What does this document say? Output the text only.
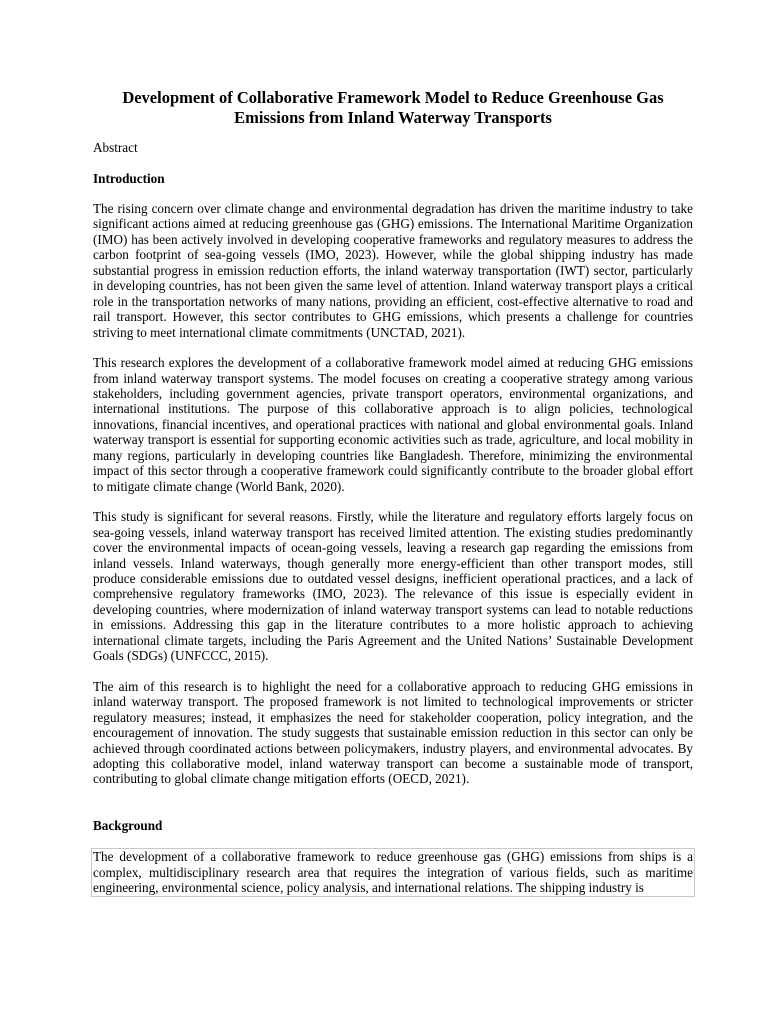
Development of Collaborative Framework Model to Reduce Greenhouse Gas Emissions from Inland Waterway Transports
Abstract
Introduction

The rising concern over climate change and environmental degradation has driven the maritime industry to take significant actions aimed at reducing greenhouse gas (GHG) emissions. The International Maritime Organization (IMO) has been actively involved in developing cooperative frameworks and regulatory measures to address the carbon footprint of sea-going vessels (IMO, 2023). However, while the global shipping industry has made substantial progress in emission reduction efforts, the inland waterway transportation (IWT) sector, particularly in developing countries, has not been given the same level of attention. Inland waterway transport plays a critical role in the transportation networks of many nations, providing an efficient, cost-effective alternative to road and rail transport. However, this sector contributes to GHG emissions, which presents a challenge for countries striving to meet international climate commitments (UNCTAD, 2021).

This research explores the development of a collaborative framework model aimed at reducing GHG emissions from inland waterway transport systems. The model focuses on creating a cooperative strategy among various stakeholders, including government agencies, private transport operators, environmental organizations, and international institutions. The purpose of this collaborative approach is to align policies, technological innovations, financial incentives, and operational practices with national and global environmental goals. Inland waterway transport is essential for supporting economic activities such as trade, agriculture, and local mobility in many regions, particularly in developing countries like Bangladesh. Therefore, minimizing the environmental impact of this sector through a cooperative framework could significantly contribute to the broader global effort to mitigate climate change (World Bank, 2020).

This study is significant for several reasons. Firstly, while the literature and regulatory efforts largely focus on sea-going vessels, inland waterway transport has received limited attention. The existing studies predominantly cover the environmental impacts of ocean-going vessels, leaving a research gap regarding the emissions from inland vessels. Inland waterways, though generally more energy-efficient than other transport modes, still produce considerable emissions due to outdated vessel designs, inefficient operational practices, and a lack of comprehensive regulatory frameworks (IMO, 2023). The relevance of this issue is especially evident in developing countries, where modernization of inland waterway transport systems can lead to notable reductions in emissions. Addressing this gap in the literature contributes to a more holistic approach to achieving international climate targets, including the Paris Agreement and the United Nations’ Sustainable Development Goals (SDGs) (UNFCCC, 2015).

The aim of this research is to highlight the need for a collaborative approach to reducing GHG emissions in inland waterway transport. The proposed framework is not limited to technological improvements or stricter regulatory measures; instead, it emphasizes the need for stakeholder cooperation, policy integration, and the encouragement of innovation. The study suggests that sustainable emission reduction in this sector can only be achieved through coordinated actions between policymakers, industry players, and environmental advocates. By adopting this collaborative model, inland waterway transport can become a sustainable mode of transport, contributing to global climate change mitigation efforts (OECD, 2021).

Background

The development of a collaborative framework to reduce greenhouse gas (GHG) emissions from ships is a complex, multidisciplinary research area that requires the integration of various fields, such as maritime engineering, environmental science, policy analysis, and international relations. The shipping industry is
